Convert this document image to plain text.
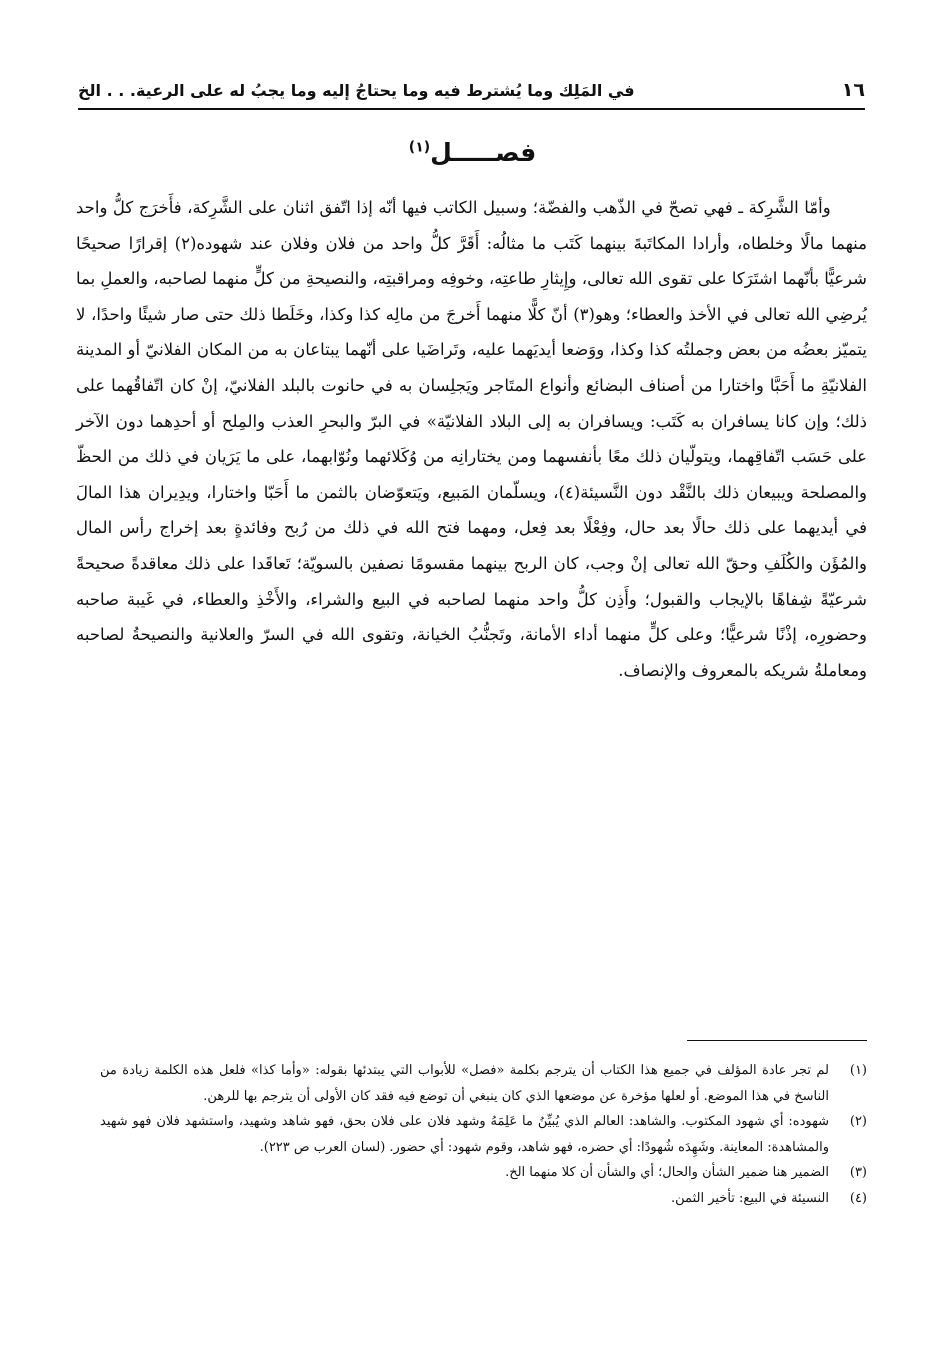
١٦
في المَلِك وما يُشترط فيه وما يحتاجُ إليه وما يجبُ له على الرعية. . . الخ
فصـــــل$^{(١)}$

وأمّا الشَّرِكة ـ فهي تصحّ في الذّهب والفضّة؛ وسبيل الكاتب فيها أنّه إذا اتّفق اثنان على الشَّرِكة، فأَخرَج كلُّ واحد منهما مالًا وخلطاه، وأرادا المكاتَبةَ بينهما كَتَب ما مثالُه: أَقَرَّ كلُّ واحد من فلان وفلان عند شهوده(٢) إقرارًا صحيحًا شرعيًّا بأنّهما اشتَرَكا على تقوى الله تعالى، وإِيثارِ طاعتِه، وخوفِه ومراقبتِه، والنصيحةِ من كلٍّ منهما لصاحبه، والعملِ بما يُرضِي الله تعالى في الأخذ والعطاء؛ وهو(٣) أنّ كلًّا منهما أَخرجَ من مالِه كذا وكذا، وخَلَطا ذلك حتى صار شيئًا واحدًا، لا يتميّز بعضُه من بعض وجملتُه كذا وكذا، ووَضعا أيديَهما عليه، وتَراضَيا على أنّهما يبتاعان به من المكان الفلانيّ أو المدينة الفلانيّةِ ما أَحَبَّا واختارا من أصناف البضائع وأنواع المتَاجر ويَجلِسان به في حانوت بالبلد الفلانيّ، إنْ كان اتّفاقُهما على ذلك؛ وإن كانا يسافران به كَتَب: ويسافران به إلى البلاد الفلانيّة» في البرّ والبحرِ العذب والمِلح أو أحدِهما دون الآخر على حَسَب اتّفاقِهما، ويتولّيان ذلك معًا بأنفسهما ومن يختارانِه من وُكَلائهما ونُوّابهما، على ما يَرَيان في ذلك من الحظّ والمصلحة ويبيعان ذلك بالنَّقْد دون النَّسيئة(٤)، ويسلّمان المَبيع، ويَتعوّضان بالثمن ما أَحَبّا واختارا، ويدِيران هذا المالَ في أيديهما على ذلك حالًا بعد حال، وفِعْلًا بعد فِعل، ومهما فتح الله في ذلك من رُبح وفائدةٍ بعد إخراج رأس المال والمُؤَن والكُلَفِ وحقّ الله تعالى إنْ وجب، كان الربح بينهما مقسومًا نصفين بالسويّة؛ تَعاقَدا على ذلك معاقدةً صحيحةً شرعيّةً شِفاهًا بالإيجاب والقبول؛ وأَذِن كلُّ واحد منهما لصاحبه في البيع والشراء، والأَخْذِ والعطاء، في غَيبة صاحبه وحضورِه، إذْنًا شرعيًّا؛ وعلى كلٍّ منهما أداء الأمانة، وتَجنُّبُ الخيانة، وتقوى الله في السرّ والعلانية والنصيحةُ لصاحبه ومعاملةُ شريكه بالمعروف والإنصاف.

(١)
لم تجر عادة المؤلف في جميع هذا الكتاب أن يترجم بكلمة «فصل» للأبواب التي يبتدئها بقوله: «وأما كذا» فلعل هذه الكلمة زيادة من الناسخ في هذا الموضع. أو لعلها مؤخرة عن موضعها الذي كان ينبغي أن توضع فيه فقد كان الأولى أن يترجم بها للرهن.
(٢)
شهوده: أي شهود المكتوب. والشاهد: العالم الذي يُبيِّنُ ما عَلِمَهُ وشهد فلان على فلان بحق، فهو شاهد وشهيد، واستشهد فلان فهو شهيد والمشاهدة: المعاينة. وشَهِدَه شُهودًا: أي حضره، فهو شاهد، وقوم شهود: أي حضور. (لسان العرب ص ٢٢٣).
(٣)
الضمير هنا ضمير الشأن والحال؛ أي والشأن أن كلا منهما الخ.
(٤)
النسيئة في البيع: تأخير الثمن.
